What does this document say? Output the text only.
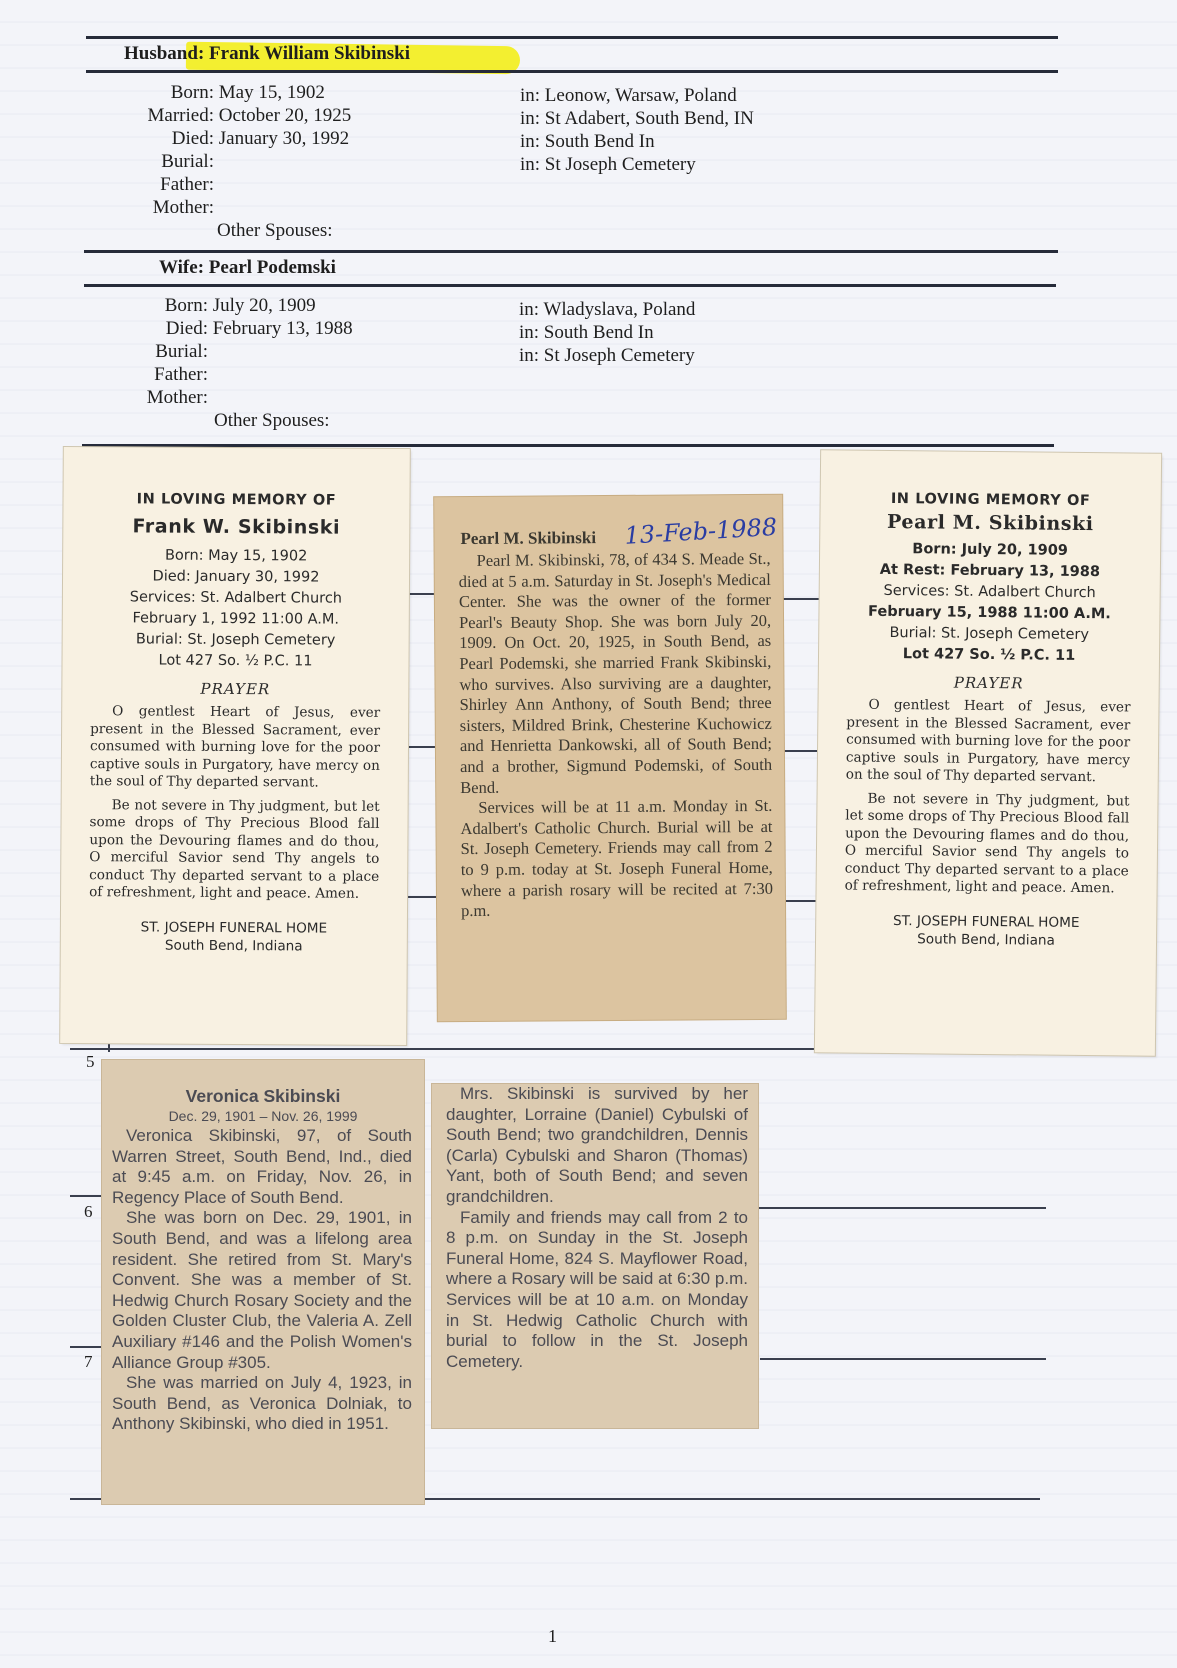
Husband: Frank William Skibinski
Born: May 15, 1902
Married: October 20, 1925
Died: January 30, 1992
Burial:
Father:
Mother:
Other Spouses:
in: Leonow, Warsaw, Poland
in: St Adabert, South Bend, IN
in: South Bend In
in: St Joseph Cemetery
Wife: Pearl Podemski
Born: July 20, 1909
Died: February 13, 1988
Burial:
Father:
Mother:
Other Spouses:
in: Wladyslava, Poland
in: South Bend In
in: St Joseph Cemetery
5
6
7
IN LOVING MEMORY OF
Frank W. Skibinski
Born: May 15, 1902
Died: January 30, 1992
Services: St. Adalbert Church
February 1, 1992 11:00 A.M.
Burial: St. Joseph Cemetery
Lot 427 So. ½ P.C. 11
PRAYER
O gentlest Heart of Jesus, ever present in the Blessed Sacrament, ever consumed with burning love for the poor captive souls in Purgatory, have mercy on the soul of Thy departed servant.
Be not severe in Thy judgment, but let some drops of Thy Precious Blood fall upon the Devouring flames and do thou, O merciful Savior send Thy angels to conduct Thy departed servant to a place of refreshment, light and peace. Amen.
ST. JOSEPH FUNERAL HOME
South Bend, Indiana
Pearl M. Skibinski 13-Feb-1988

Pearl M. Skibinski, 78, of 434 S. Meade St., died at 5 a.m. Saturday in St. Joseph's Medical Center. She was the owner of the former Pearl's Beauty Shop. She was born July 20, 1909. On Oct. 20, 1925, in South Bend, as Pearl Podemski, she married Frank Skibinski, who survives. Also surviving are a daughter, Shirley Ann Anthony, of South Bend; three sisters, Mildred Brink, Chesterine Kuchowicz and Henrietta Dankowski, all of South Bend; and a brother, Sigmund Podemski, of South Bend.

Services will be at 11 a.m. Monday in St. Adalbert's Catholic Church. Burial will be at St. Joseph Cemetery. Friends may call from 2 to 9 p.m. today at St. Joseph Funeral Home, where a parish rosary will be recited at 7:30 p.m.

IN LOVING MEMORY OF
Pearl M. Skibinski
Born: July 20, 1909
At Rest: February 13, 1988
Services: St. Adalbert Church
February 15, 1988 11:00 A.M.
Burial: St. Joseph Cemetery
Lot 427 So. ½ P.C. 11
PRAYER
O gentlest Heart of Jesus, ever present in the Blessed Sacrament, ever consumed with burning love for the poor captive souls in Purgatory, have mercy on the soul of Thy departed servant.
Be not severe in Thy judgment, but let some drops of Thy Precious Blood fall upon the Devouring flames and do thou, O merciful Savior send Thy angels to conduct Thy departed servant to a place of refreshment, light and peace. Amen.
ST. JOSEPH FUNERAL HOME
South Bend, Indiana
Veronica Skibinski
Dec. 29, 1901 – Nov. 26, 1999

Veronica Skibinski, 97, of South Warren Street, South Bend, Ind., died at 9:45 a.m. on Friday, Nov. 26, in Regency Place of South Bend.

She was born on Dec. 29, 1901, in South Bend, and was a lifelong area resident. She retired from St. Mary's Convent. She was a member of St. Hedwig Church Rosary Society and the Golden Cluster Club, the Valeria A. Zell Auxiliary #146 and the Polish Women's Alliance Group #305.

She was married on July 4, 1923, in South Bend, as Veronica Dolniak, to Anthony Skibinski, who died in 1951.

Mrs. Skibinski is survived by her daughter, Lorraine (Daniel) Cybulski of South Bend; two grandchildren, Dennis (Carla) Cybulski and Sharon (Thomas) Yant, both of South Bend; and seven grandchildren.

Family and friends may call from 2 to 8 p.m. on Sunday in the St. Joseph Funeral Home, 824 S. Mayflower Road, where a Rosary will be said at 6:30 p.m. Services will be at 10 a.m. on Monday in St. Hedwig Catholic Church with burial to follow in the St. Joseph Cemetery.

1
